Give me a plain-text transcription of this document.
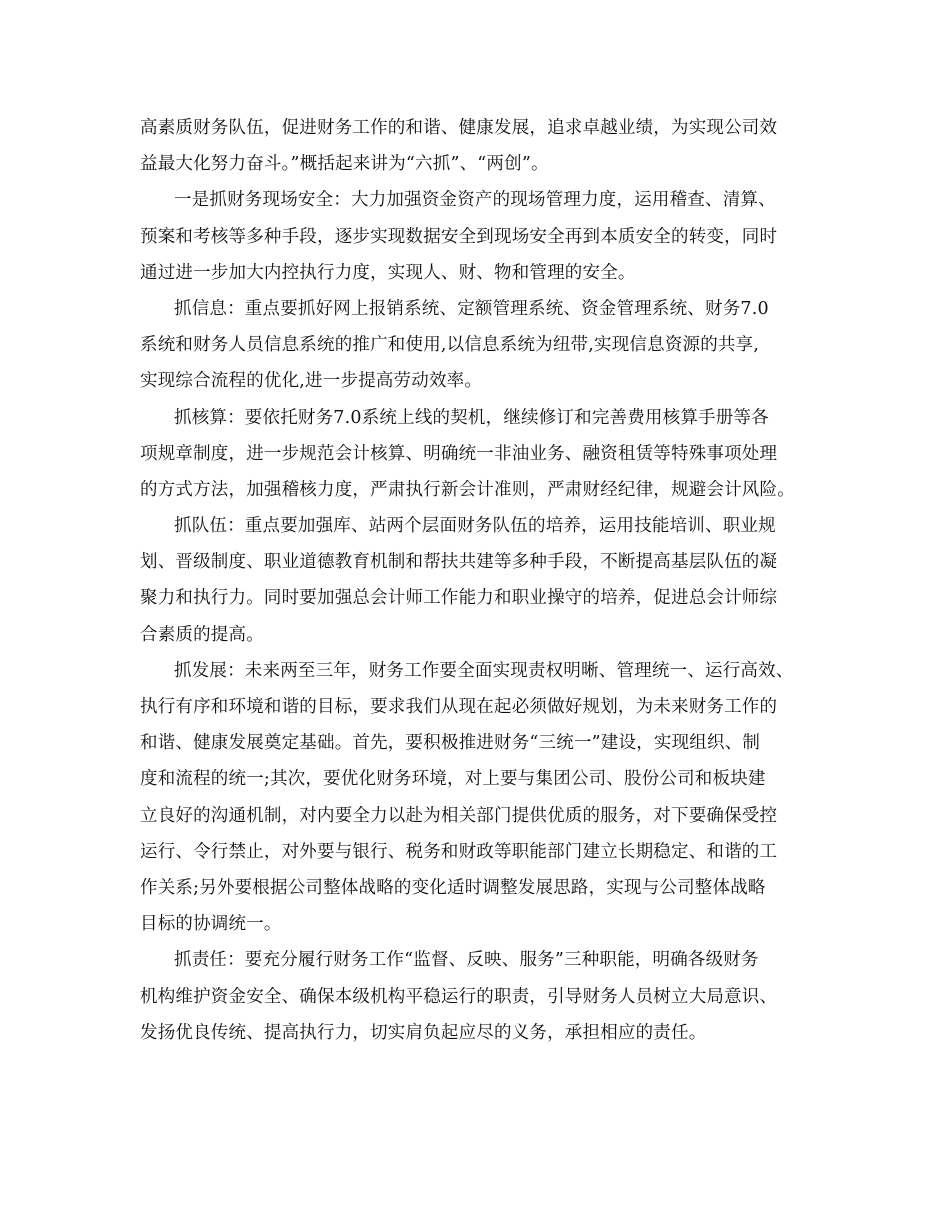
高素质财务队伍，促进财务工作的和谐、健康发展，追求卓越业绩，为实现公司效
益最大化努力奋斗。”概括起来讲为“六抓”、“两创”。
一是抓财务现场安全：大力加强资金资产的现场管理力度，运用稽查、清算、
预案和考核等多种手段，逐步实现数据安全到现场安全再到本质安全的转变，同时
通过进一步加大内控执行力度，实现人、财、物和管理的安全。
抓信息：重点要抓好网上报销系统、定额管理系统、资金管理系统、财务7.0
系统和财务人员信息系统的推广和使用,以信息系统为纽带,实现信息资源的共享,
实现综合流程的优化,进一步提高劳动效率。
抓核算：要依托财务7.0系统上线的契机，继续修订和完善费用核算手册等各
项规章制度，进一步规范会计核算、明确统一非油业务、融资租赁等特殊事项处理
的方式方法，加强稽核力度，严肃执行新会计准则，严肃财经纪律，规避会计风险。
抓队伍：重点要加强库、站两个层面财务队伍的培养，运用技能培训、职业规
划、晋级制度、职业道德教育机制和帮扶共建等多种手段，不断提高基层队伍的凝
聚力和执行力。同时要加强总会计师工作能力和职业操守的培养，促进总会计师综
合素质的提高。
抓发展：未来两至三年，财务工作要全面实现责权明晰、管理统一、运行高效、
执行有序和环境和谐的目标，要求我们从现在起必须做好规划，为未来财务工作的
和谐、健康发展奠定基础。首先，要积极推进财务“三统一”建设，实现组织、制
度和流程的统一;其次，要优化财务环境，对上要与集团公司、股份公司和板块建
立良好的沟通机制，对内要全力以赴为相关部门提供优质的服务，对下要确保受控
运行、令行禁止，对外要与银行、税务和财政等职能部门建立长期稳定、和谐的工
作关系;另外要根据公司整体战略的变化适时调整发展思路，实现与公司整体战略
目标的协调统一。
抓责任：要充分履行财务工作“监督、反映、服务”三种职能，明确各级财务
机构维护资金安全、确保本级机构平稳运行的职责，引导财务人员树立大局意识、
发扬优良传统、提高执行力，切实肩负起应尽的义务，承担相应的责任。
